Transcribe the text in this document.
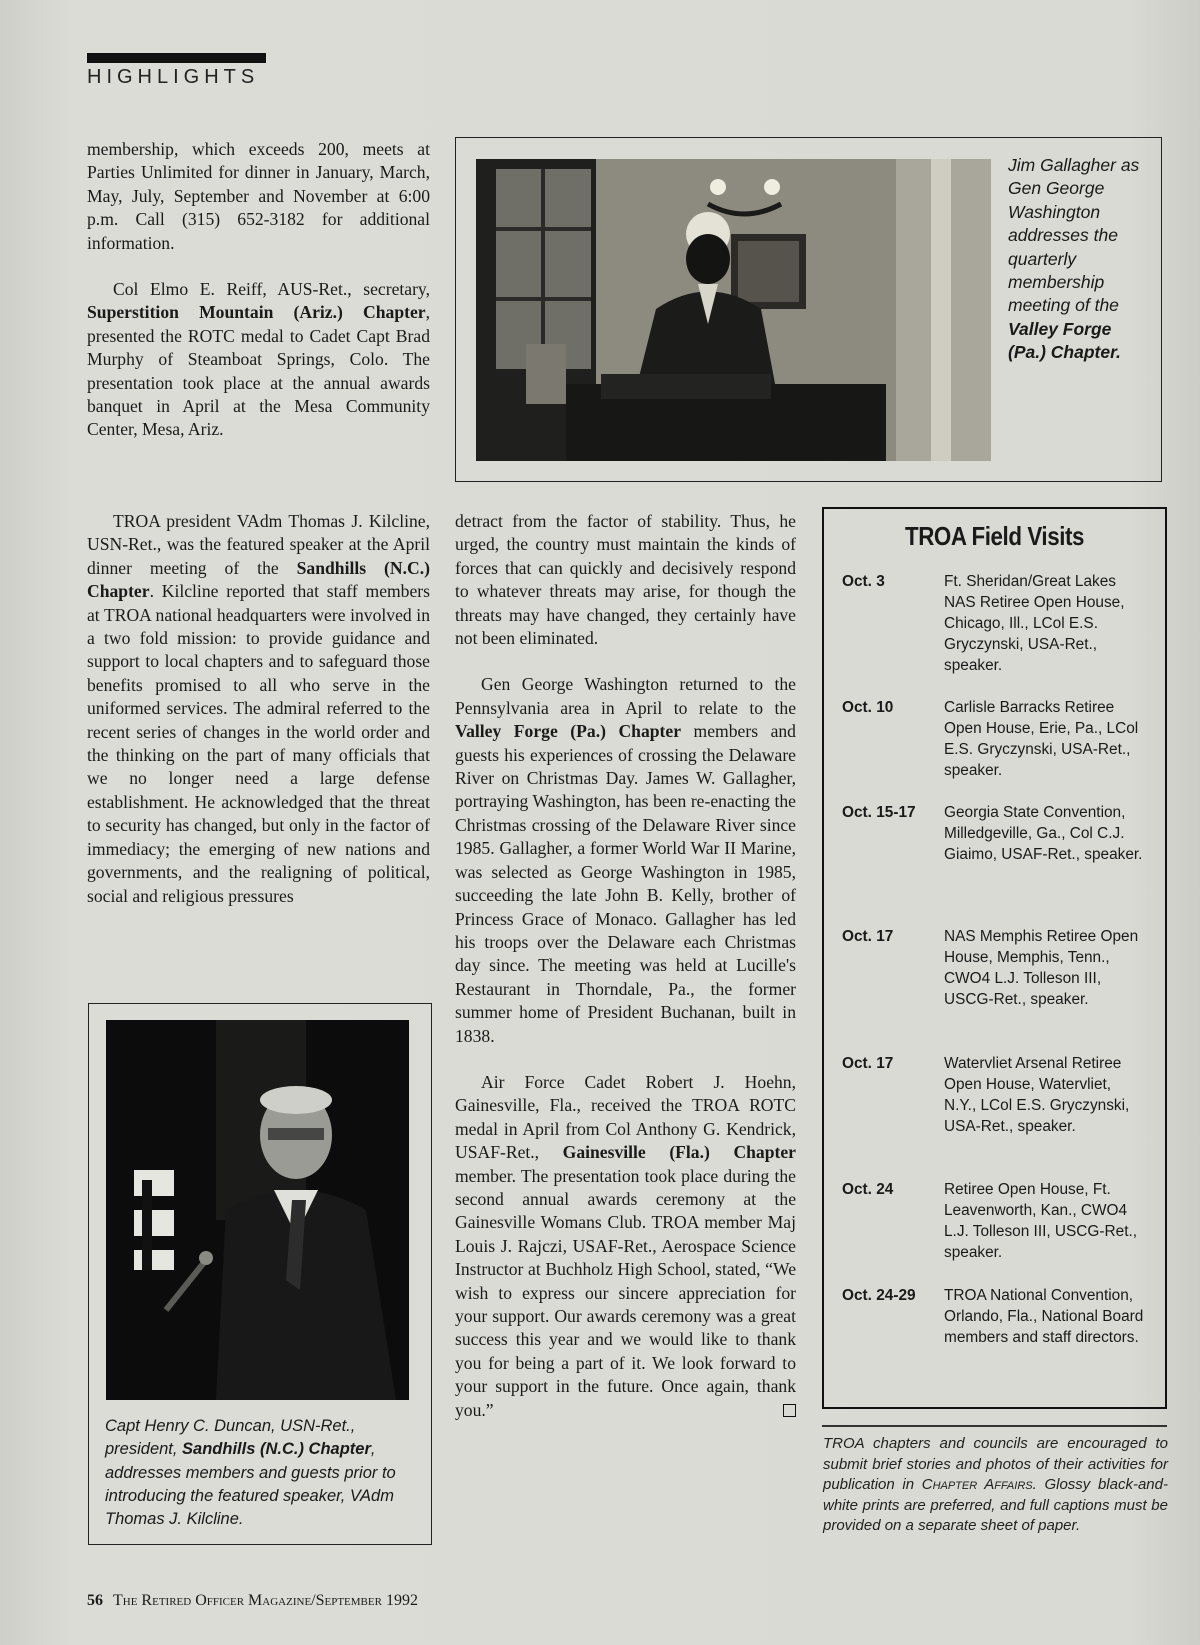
HIGHLIGHTS

membership, which exceeds 200, meets at Parties Unlimited for dinner in January, March, May, July, September and November at 6:00 p.m. Call (315) 652-3182 for additional information.

Col Elmo E. Reiff, AUS-Ret., secretary, Superstition Mountain (Ariz.) Chapter, presented the ROTC medal to Cadet Capt Brad Murphy of Steamboat Springs, Colo. The presentation took place at the annual awards banquet in April at the Mesa Community Center, Mesa, Ariz.

TROA president VAdm Thomas J. Kilcline, USN-Ret., was the featured speaker at the April dinner meeting of the Sandhills (N.C.) Chapter. Kilcline reported that staff members at TROA national headquarters were involved in a two fold mission: to provide guidance and support to local chapters and to safeguard those benefits promised to all who serve in the uniformed services. The admiral referred to the recent series of changes in the world order and the thinking on the part of many officials that we no longer need a large defense establishment. He acknowledged that the threat to security has changed, but only in the factor of immediacy; the emerging of new nations and governments, and the realigning of political, social and religious pressures

Jim Gallagher as Gen George Washington addresses the quarterly membership meeting of the Valley Forge (Pa.) Chapter.

detract from the factor of stability. Thus, he urged, the country must maintain the kinds of forces that can quickly and decisively respond to whatever threats may arise, for though the threats may have changed, they certainly have not been eliminated.

Gen George Washington returned to the Pennsylvania area in April to relate to the Valley Forge (Pa.) Chapter members and guests his experiences of crossing the Delaware River on Christmas Day. James W. Gallagher, portraying Washington, has been re-enacting the Christmas crossing of the Delaware River since 1985. Gallagher, a former World War II Marine, was selected as George Washington in 1985, succeeding the late John B. Kelly, brother of Princess Grace of Monaco. Gallagher has led his troops over the Delaware each Christmas day since. The meeting was held at Lucille's Restaurant in Thorndale, Pa., the former summer home of President Buchanan, built in 1838.

Air Force Cadet Robert J. Hoehn, Gainesville, Fla., received the TROA ROTC medal in April from Col Anthony G. Kendrick, USAF-Ret., Gainesville (Fla.) Chapter member. The presentation took place during the second annual awards ceremony at the Gainesville Womans Club. TROA member Maj Louis J. Rajczi, USAF-Ret., Aerospace Science Instructor at Buchholz High School, stated, “We wish to express our sincere appreciation for your support. Our awards ceremony was a great success this year and we would like to thank you for being a part of it. We look forward to your support in the future. Once again, thank you.”

Capt Henry C. Duncan, USN-Ret., president, Sandhills (N.C.) Chapter, addresses members and guests prior to introducing the featured speaker, VAdm Thomas J. Kilcline.
TROA Field Visits
Oct. 3	Ft. Sheridan/Great Lakes NAS Retiree Open House, Chicago, Ill., LCol E.S. Gryczynski, USA-Ret., speaker.
Oct. 10	Carlisle Barracks Retiree Open House, Erie, Pa., LCol E.S. Gryczynski, USA-Ret., speaker.
Oct. 15-17	Georgia State Convention, Milledgeville, Ga., Col C.J. Giaimo, USAF-Ret., speaker.
Oct. 17	NAS Memphis Retiree Open House, Memphis, Tenn., CWO4 L.J. Tolleson III, USCG-Ret., speaker.
Oct. 17	Watervliet Arsenal Retiree Open House, Watervliet, N.Y., LCol E.S. Gryczynski, USA-Ret., speaker.
Oct. 24	Retiree Open House, Ft. Leavenworth, Kan., CWO4 L.J. Tolleson III, USCG-Ret., speaker.
Oct. 24-29	TROA National Convention, Orlando, Fla., National Board members and staff directors.
TROA chapters and councils are encouraged to submit brief stories and photos of their activities for publication in Chapter Affairs. Glossy black-and-white prints are preferred, and full captions must be provided on a separate sheet of paper.
56 The Retired Officer Magazine/September 1992
